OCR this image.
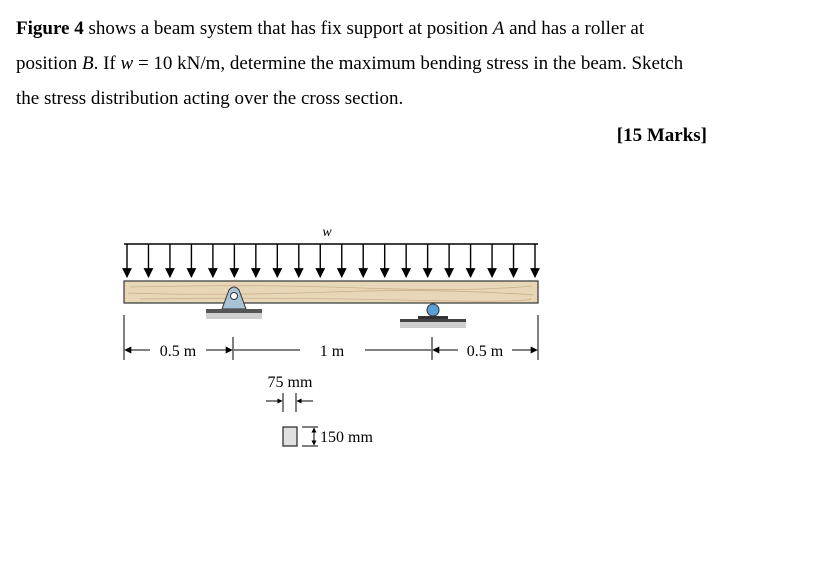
Figure 4 shows a beam system that has fix support at position A and has a roller at
position B. If w = 10 kN/m, determine the maximum bending stress in the beam. Sketch
the stress distribution acting over the cross section.
[15 Marks]
w
0.5 m	1 m	0.5 m
75 mm
150 mm
